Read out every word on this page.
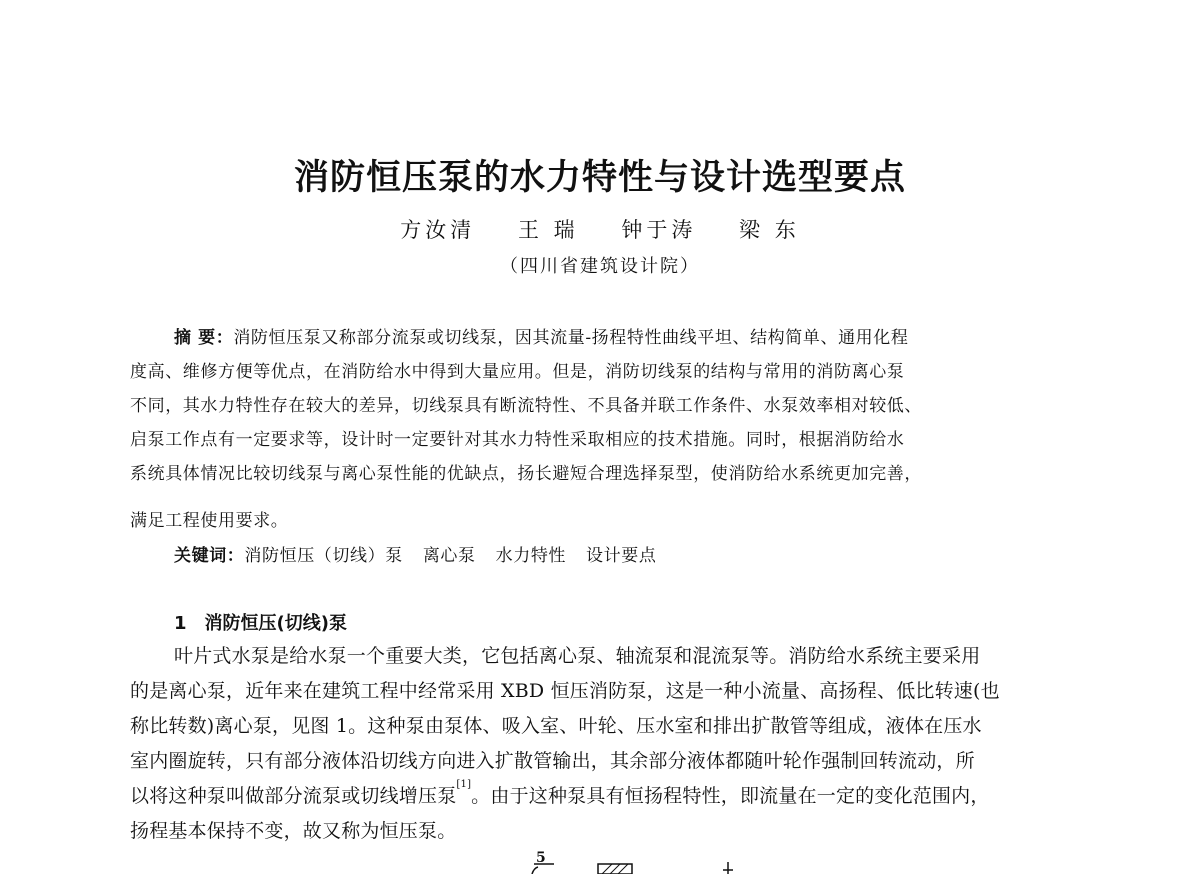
消防恒压泵的水力特性与设计选型要点
方汝清 王 瑞 钟于涛 梁 东
（四川省建筑设计院）
摘 要：消防恒压泵又称部分流泵或切线泵，因其流量-扬程特性曲线平坦、结构简单、通用化程
度高、维修方便等优点，在消防给水中得到大量应用。但是，消防切线泵的结构与常用的消防离心泵
不同，其水力特性存在较大的差异，切线泵具有断流特性、不具备并联工作条件、水泵效率相对较低、
启泵工作点有一定要求等，设计时一定要针对其水力特性采取相应的技术措施。同时，根据消防给水
系统具体情况比较切线泵与离心泵性能的优缺点，扬长避短合理选择泵型，使消防给水系统更加完善，
满足工程使用要求。
关键词：消防恒压（切线）泵 离心泵 水力特性 设计要点
1　消防恒压(切线)泵
叶片式水泵是给水泵一个重要大类，它包括离心泵、轴流泵和混流泵等。消防给水系统主要采用
的是离心泵，近年来在建筑工程中经常采用 XBD 恒压消防泵，这是一种小流量、高扬程、低比转速(也
称比转数)离心泵，见图 1。这种泵由泵体、吸入室、叶轮、压水室和排出扩散管等组成，液体在压水
室内圈旋转，只有部分液体沿切线方向进入扩散管输出，其余部分液体都随叶轮作强制回转流动，所
以将这种泵叫做部分流泵或切线增压泵[1]。由于这种泵具有恒扬程特性，即流量在一定的变化范围内，
扬程基本保持不变，故又称为恒压泵。
5
